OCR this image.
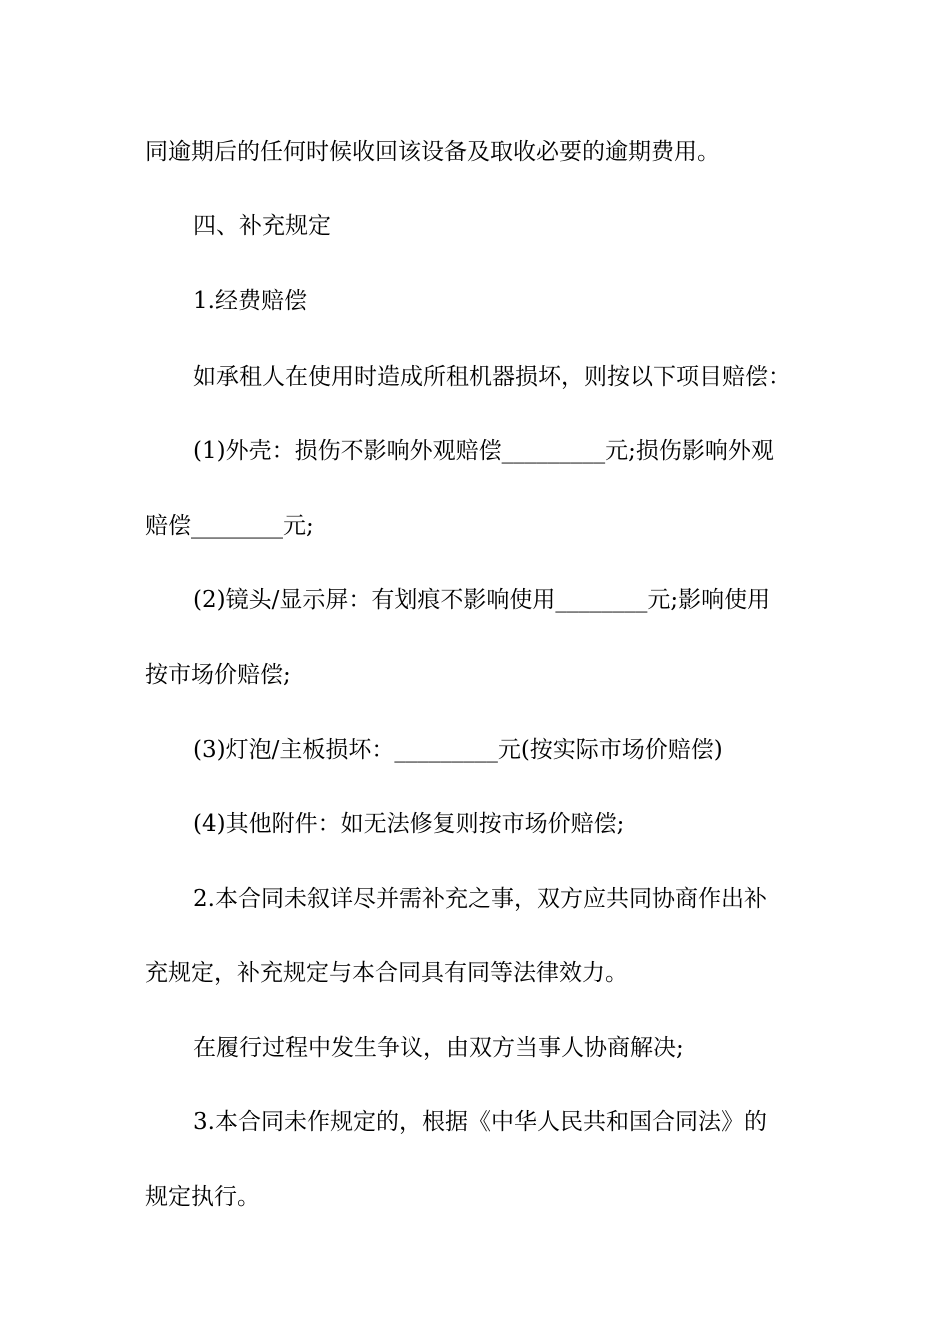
同逾期后的任何时候收回该设备及取收必要的逾期费用。
四、补充规定
1.经费赔偿
如承租人在使用时造成所租机器损坏，则按以下项目赔偿：
(1)外壳：损伤不影响外观赔偿_________元;损伤影响外观
赔偿________元;
(2)镜头/显示屏：有划痕不影响使用________元;影响使用
按市场价赔偿;
(3)灯泡/主板损坏：_________元(按实际市场价赔偿)
(4)其他附件：如无法修复则按市场价赔偿;
2.本合同未叙详尽并需补充之事，双方应共同协商作出补
充规定，补充规定与本合同具有同等法律效力。
在履行过程中发生争议，由双方当事人协商解决;
3.本合同未作规定的，根据《中华人民共和国合同法》的
规定执行。
